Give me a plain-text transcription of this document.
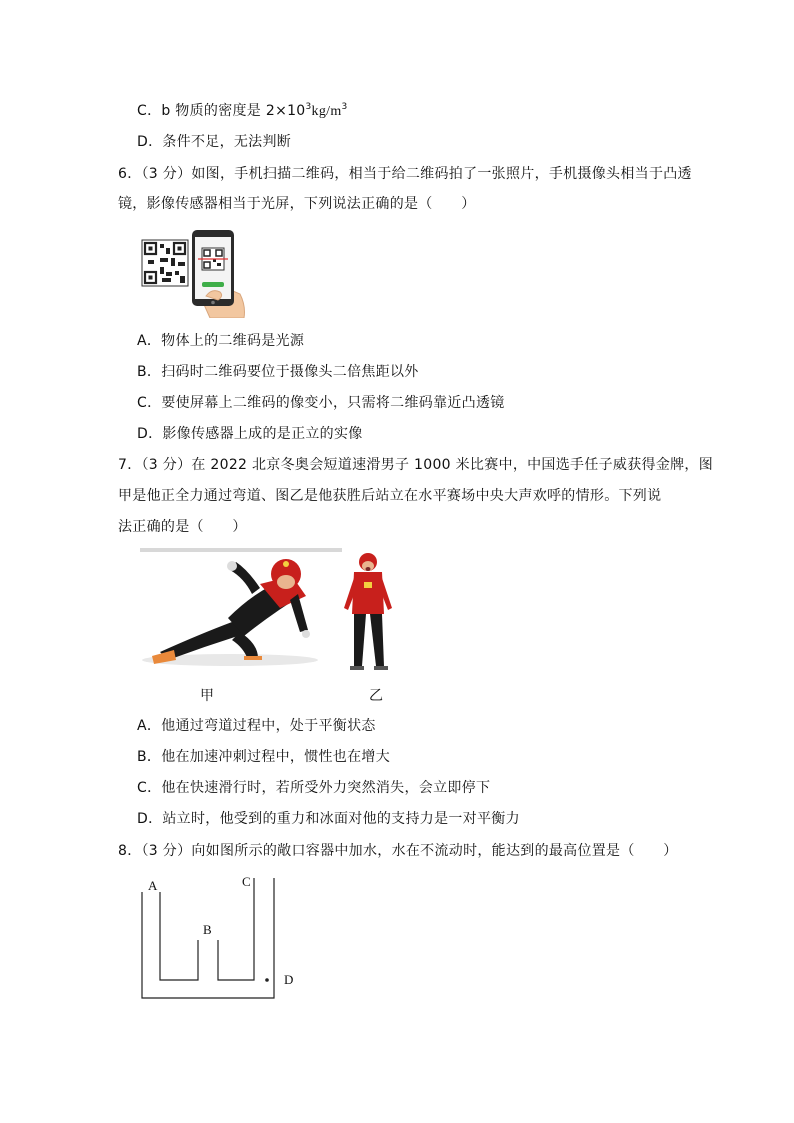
C．b 物质的密度是 $2\times 10^3kg/m^3$
D．条件不足，无法判断
6．（3 分）如图，手机扫描二维码，相当于给二维码拍了一张照片，手机摄像头相当于凸透
镜，影像传感器相当于光屏，下列说法正确的是（　　）
A．物体上的二维码是光源
B．扫码时二维码要位于摄像头二倍焦距以外
C．要使屏幕上二维码的像变小，只需将二维码靠近凸透镜
D．影像传感器上成的是正立的实像
7．（3 分）在 2022 北京冬奥会短道速滑男子 1000 米比赛中，中国选手任子威获得金牌，图
甲是他正全力通过弯道、图乙是他获胜后站立在水平赛场中央大声欢呼的情形。下列说
法正确的是（　　）
甲	乙
A．他通过弯道过程中，处于平衡状态
B．他在加速冲刺过程中，惯性也在增大
C．他在快速滑行时，若所受外力突然消失，会立即停下
D．站立时，他受到的重力和冰面对他的支持力是一对平衡力
8．（3 分）向如图所示的敞口容器中加水，水在不流动时，能达到的最高位置是（　　）
A
B
C
D
